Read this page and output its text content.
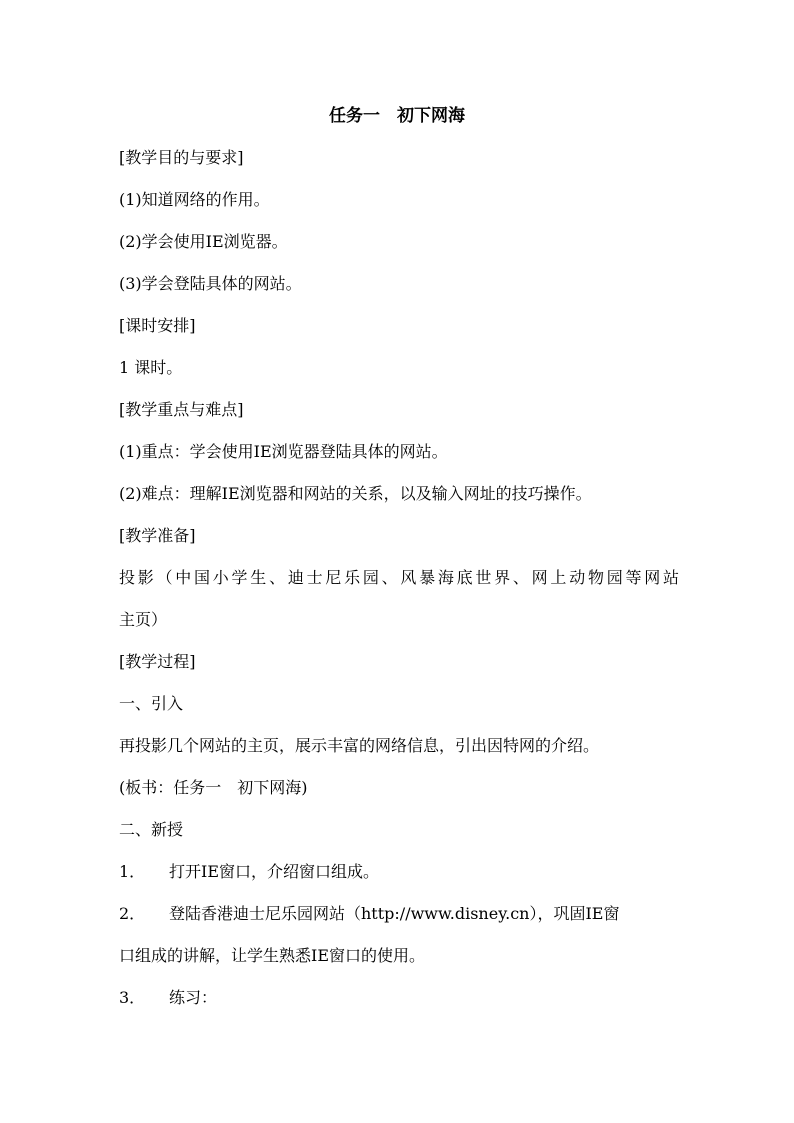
任务一　初下网海
[教学目的与要求]
(1)知道网络的作用。
(2)学会使用IE浏览器。
(3)学会登陆具体的网站。
[课时安排]
1 课时。
[教学重点与难点]
(1)重点：学会使用IE浏览器登陆具体的网站。
(2)难点：理解IE浏览器和网站的关系，以及输入网址的技巧操作。
[教学准备]
投影（中国小学生、迪士尼乐园、风暴海底世界、网上动物园等网站
主页）
[教学过程]
一、引入
再投影几个网站的主页，展示丰富的网络信息，引出因特网的介绍。
(板书：任务一　初下网海)
二、新授
1． 打开IE窗口，介绍窗口组成。
2． 登陆香港迪士尼乐园网站（http://www.disney.cn），巩固IE窗
口组成的讲解，让学生熟悉IE窗口的使用。
3． 练习：
